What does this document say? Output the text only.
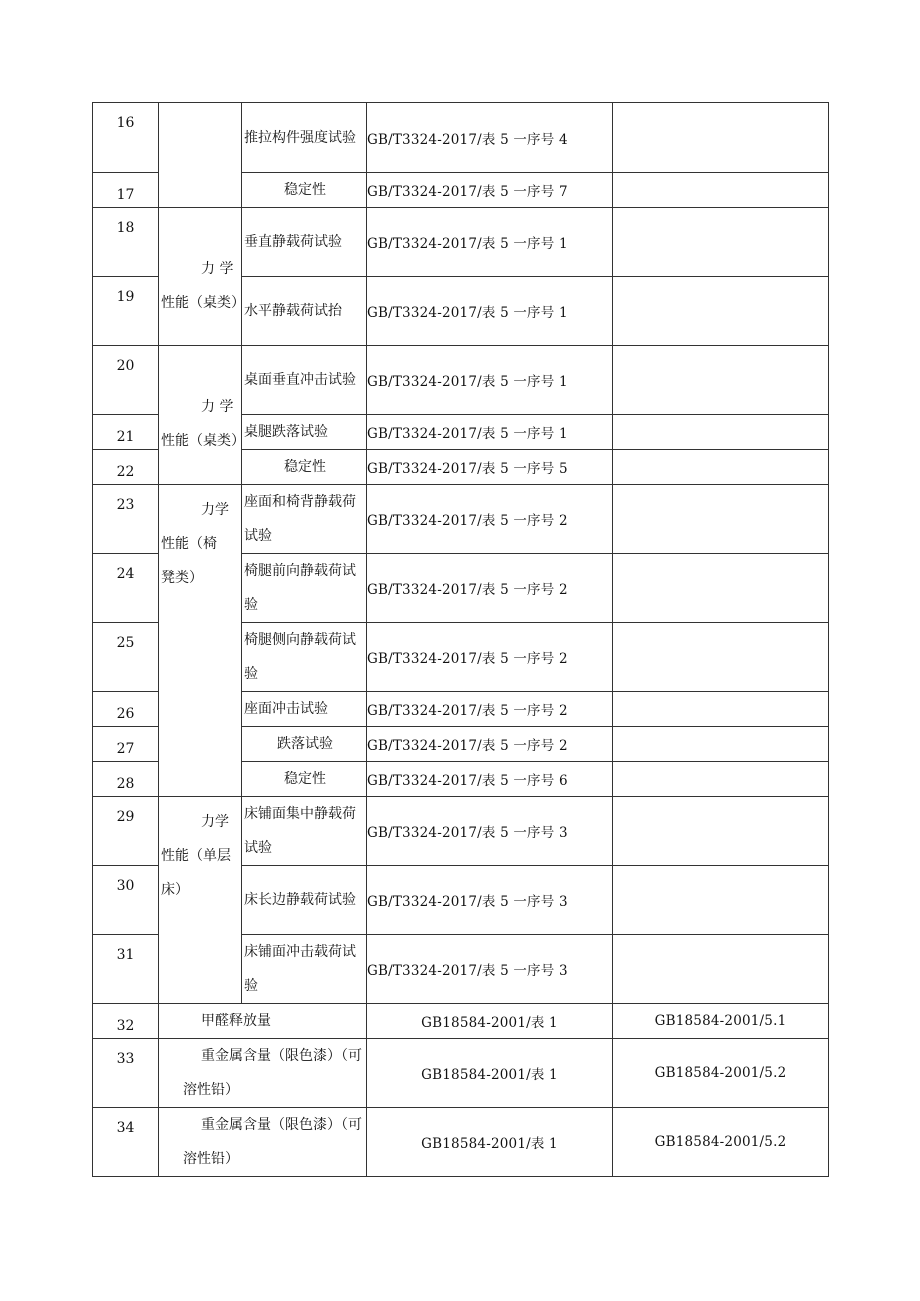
16		推拉构件强度试验	GB/T3324-2017/表 5 一序号 4	
17		稳定性	GB/T3324-2017/表 5 一序号 7	
18	力 学
性能（桌类）	垂直静载荷试验	GB/T3324-2017/表 5 一序号 1	
19		水平静载荷试抬	GB/T3324-2017/表 5 一序号 1	
20	力 学
性能（桌类）	桌面垂直冲击试验	GB/T3324-2017/表 5 一序号 1	
21		桌腿跌落试验	GB/T3324-2017/表 5 一序号 1	
22		稳定性	GB/T3324-2017/表 5 一序号 5	
23	力学
性能（椅
凳类）	座面和椅背静载荷试验	GB/T3324-2017/表 5 一序号 2	
24		椅腿前向静载荷试验	GB/T3324-2017/表 5 一序号 2	
25		椅腿侧向静载荷试验	GB/T3324-2017/表 5 一序号 2	
26		座面冲击试验	GB/T3324-2017/表 5 一序号 2	
27		跌落试验	GB/T3324-2017/表 5 一序号 2	
28		稳定性	GB/T3324-2017/表 5 一序号 6	
29	力学
性能（单层
床）	床铺面集中静载荷试验	GB/T3324-2017/表 5 一序号 3	
30		床长边静载荷试验	GB/T3324-2017/表 5 一序号 3	
31		床铺面冲击载荷试验	GB/T3324-2017/表 5 一序号 3	
32	甲醛释放量		GB18584-2001/表 1	GB18584-2001/5.1
33	重金属含量（限色漆）（可溶性铅）		GB18584-2001/表 1	GB18584-2001/5.2
34	重金属含量（限色漆）（可溶性铅）		GB18584-2001/表 1	GB18584-2001/5.2
